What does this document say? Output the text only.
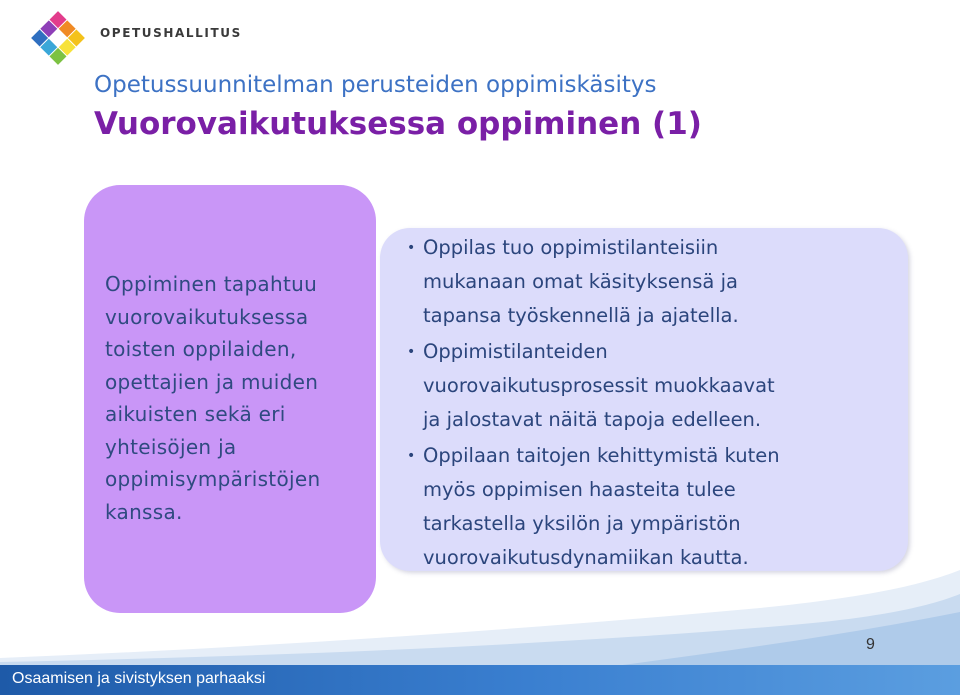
OPETUSHALLITUS
Opetussuunnitelman perusteiden oppimiskäsitys
Vuorovaikutuksessa oppiminen (1)
Oppiminen tapahtuu
vuorovaikutuksessa
toisten oppilaiden,
opettajien ja muiden
aikuisten sekä eri
yhteisöjen ja
oppimisympäristöjen
kanssa.
• Oppilas tuo oppimistilanteisiin
mukanaan omat käsityksensä ja
tapansa työskennellä ja ajatella.
• Oppimistilanteiden
vuorovaikutusprosessit muokkaavat
ja jalostavat näitä tapoja edelleen.
• Oppilaan taitojen kehittymistä kuten
myös oppimisen haasteita tulee
tarkastella yksilön ja ympäristön
vuorovaikutusdynamiikan kautta.
9
Osaamisen ja sivistyksen parhaaksi
